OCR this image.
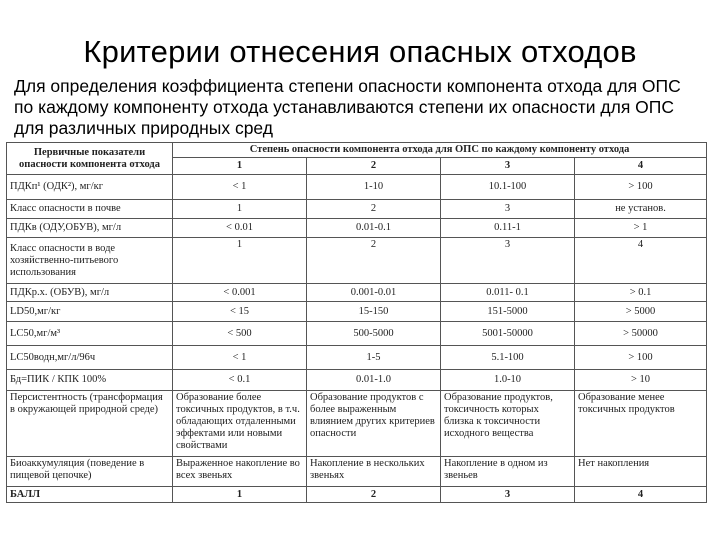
Критерии отнесения опасных отходов
Для определения коэффициента степени опасности компонента отхода для ОПС
по каждому компоненту отхода устанавливаются степени их опасности для ОПС
для различных природных сред
Первичные показатели опасности компонента отхода	Степень опасности компонента отхода для ОПС по каждому компоненту отхода			
	1	2	3	4
ПДКп¹ (ОДК²), мг/кг	< 1	1-10	10.1-100	> 100
Класс опасности в почве	1	2	3	не установ.
ПДКв (ОДУ,ОБУВ), мг/л	< 0.01	0.01-0.1	0.11-1	> 1
Класс опасности в воде хозяйственно-питьевого использования	1	2	3	4
ПДКр.х. (ОБУВ), мг/л	< 0.001	0.001-0.01	0.011- 0.1	> 0.1
LD50,мг/кг	< 15	15-150	151-5000	> 5000
LC50,мг/м³	< 500	500-5000	5001-50000	> 50000
LC50водн,мг/л/96ч	< 1	1-5	5.1-100	> 100
Бд=ПИК / КПК 100%	< 0.1	0.01-1.0	1.0-10	> 10
Персистентность (трансформация в окружающей природной среде)	Образование более токсичных продуктов, в т.ч. обладающих отдаленными эффектами или новыми свойствами	Образование продуктов с более выраженным влиянием других критериев опасности	Образование продуктов, токсичность которых близка к токсичности исходного вещества	Образование менее токсичных продуктов
Биоаккумуляция (поведение в пищевой цепочке)	Выраженное накопление во всех звеньях	Накопление в нескольких звеньях	Накопление в одном из звеньев	Нет накопления
БАЛЛ	1	2	3	4
